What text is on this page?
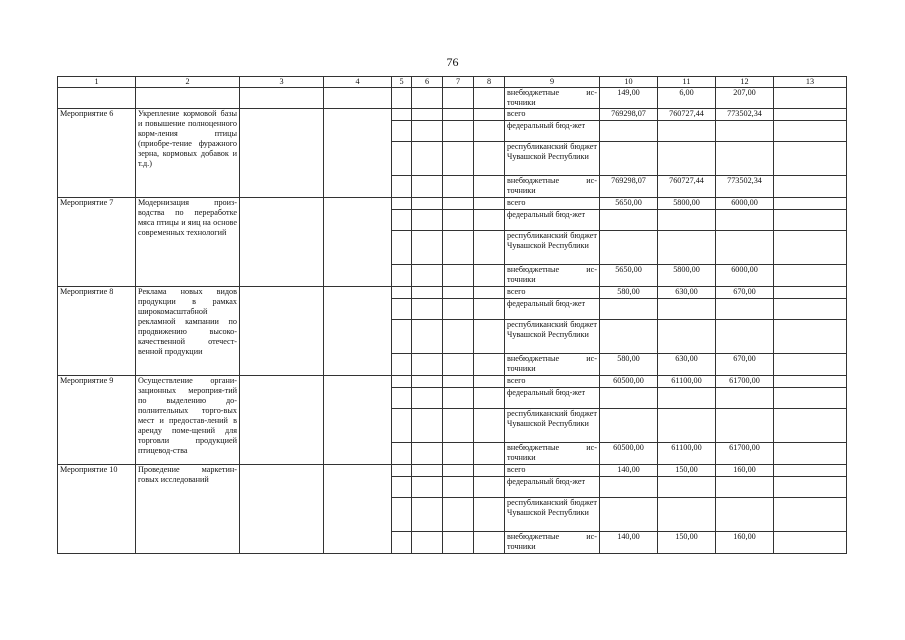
76
1	2	3	4	5	6	7	8	9	10	11	12	13
								внебюджетные ис-точники	149,00	6,00	207,00	
Мероприятие 6	Укрепление кормовой базы и повышение полноценного корм-ления птицы (приобре-тение фуражного зерна, кормовых добавок и т.д.)							всего	769298,07	760727,44	773502,34	
								федеральный бюд-жет				
								республиканский бюджет Чувашской Республики				
								внебюджетные ис-точники	769298,07	760727,44	773502,34	
Мероприятие 7	Модернизация произ-водства по переработке мяса птицы и яиц на основе современных технологий							всего	5650,00	5800,00	6000,00	
								федеральный бюд-жет				
								республиканский бюджет Чувашской Республики				
								внебюджетные ис-точники	5650,00	5800,00	6000,00	
Мероприятие 8	Реклама новых видов продукции в рамках широкомасштабной рекламной кампании по продвижению высоко-качественной отечест-венной продукции							всего	580,00	630,00	670,00	
								федеральный бюд-жет				
								республиканский бюджет Чувашской Республики				
								внебюджетные ис-точники	580,00	630,00	670,00	
Мероприятие 9	Осуществление органи-зационных мероприя-тий по выделению до-полнительных торго-вых мест и предостав-лений в аренду поме-щений для торговли продукцией птицевод-ства							всего	60500,00	61100,00	61700,00	
								федеральный бюд-жет				
								республиканский бюджет Чувашской Республики				
								внебюджетные ис-точники	60500,00	61100,00	61700,00	
Мероприятие 10	Проведение маркетин-говых исследований							всего	140,00	150,00	160,00	
								федеральный бюд-жет				
								республиканский бюджет Чувашской Республики				
								внебюджетные ис-точники	140,00	150,00	160,00	
